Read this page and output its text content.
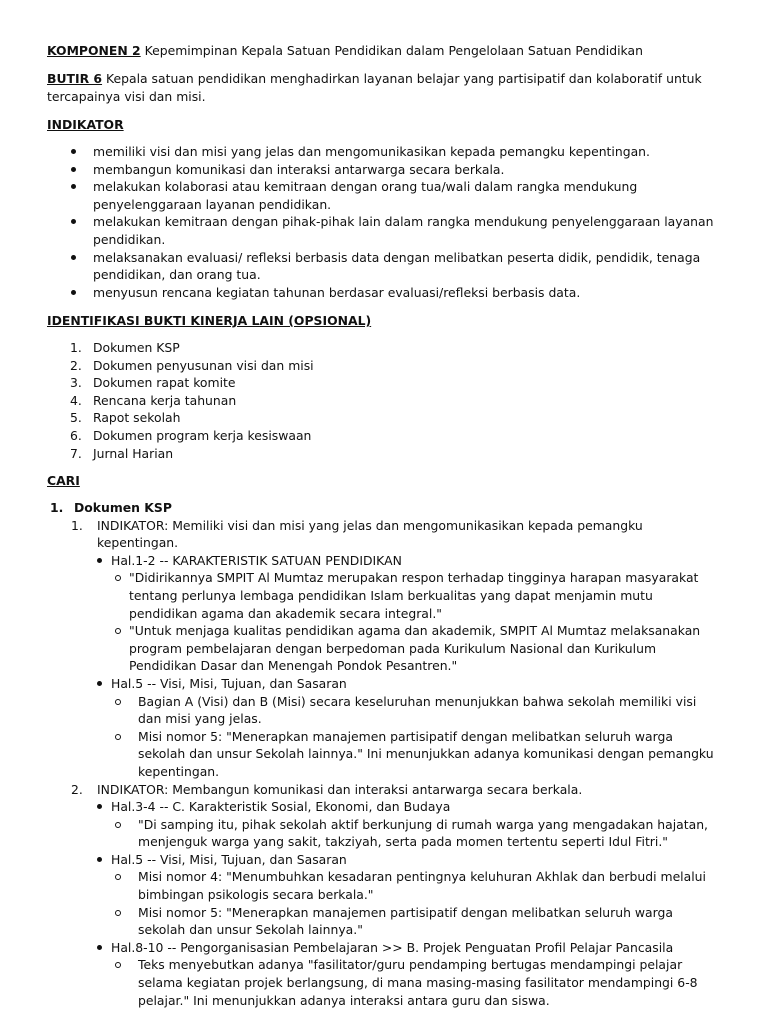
KOMPONEN 2 Kepemimpinan Kepala Satuan Pendidikan dalam Pengelolaan Satuan Pendidikan

BUTIR 6 Kepala satuan pendidikan menghadirkan layanan belajar yang partisipatif dan kolaboratif untuk tercapainya visi dan misi.

INDIKATOR

memiliki visi dan misi yang jelas dan mengomunikasikan kepada pemangku kepentingan.
membangun komunikasi dan interaksi antarwarga secara berkala.
melakukan kolaborasi atau kemitraan dengan orang tua/wali dalam rangka mendukung penyelenggaraan layanan pendidikan.
melakukan kemitraan dengan pihak-pihak lain dalam rangka mendukung penyelenggaraan layanan pendidikan.
melaksanakan evaluasi/ refleksi berbasis data dengan melibatkan peserta didik, pendidik, tenaga pendidikan, dan orang tua.
menyusun rencana kegiatan tahunan berdasar evaluasi/refleksi berbasis data.

IDENTIFIKASI BUKTI KINERJA LAIN (OPSIONAL)

1. Dokumen KSP
2. Dokumen penyusunan visi dan misi
3. Dokumen rapat komite
4. Rencana kerja tahunan
5. Rapot sekolah
6. Dokumen program kerja kesiswaan
7. Jurnal Harian

CARI

1. Dokumen KSP
1. INDIKATOR: Memiliki visi dan misi yang jelas dan mengomunikasikan kepada pemangku kepentingan.
Hal.1-2 -- KARAKTERISTIK SATUAN PENDIDIKAN
"Didirikannya SMPIT Al Mumtaz merupakan respon terhadap tingginya harapan masyarakat tentang perlunya lembaga pendidikan Islam berkualitas yang dapat menjamin mutu pendidikan agama dan akademik secara integral."
"Untuk menjaga kualitas pendidikan agama dan akademik, SMPIT Al Mumtaz melaksanakan program pembelajaran dengan berpedoman pada Kurikulum Nasional dan Kurikulum Pendidikan Dasar dan Menengah Pondok Pesantren."
Hal.5 -- Visi, Misi, Tujuan, dan Sasaran
Bagian A (Visi) dan B (Misi) secara keseluruhan menunjukkan bahwa sekolah memiliki visi dan misi yang jelas.
Misi nomor 5: "Menerapkan manajemen partisipatif dengan melibatkan seluruh warga sekolah dan unsur Sekolah lainnya." Ini menunjukkan adanya komunikasi dengan pemangku kepentingan.
2. INDIKATOR: Membangun komunikasi dan interaksi antarwarga secara berkala.
Hal.3-4 -- C. Karakteristik Sosial, Ekonomi, dan Budaya
"Di samping itu, pihak sekolah aktif berkunjung di rumah warga yang mengadakan hajatan, menjenguk warga yang sakit, takziyah, serta pada momen tertentu seperti Idul Fitri."
Hal.5 -- Visi, Misi, Tujuan, dan Sasaran
Misi nomor 4: "Menumbuhkan kesadaran pentingnya keluhuran Akhlak dan berbudi melalui bimbingan psikologis secara berkala."
Misi nomor 5: "Menerapkan manajemen partisipatif dengan melibatkan seluruh warga sekolah dan unsur Sekolah lainnya."
Hal.8-10 -- Pengorganisasian Pembelajaran >> B. Projek Penguatan Profil Pelajar Pancasila
Teks menyebutkan adanya "fasilitator/guru pendamping bertugas mendampingi pelajar selama kegiatan projek berlangsung, di mana masing-masing fasilitator mendampingi 6-8 pelajar." Ini menunjukkan adanya interaksi antara guru dan siswa.
